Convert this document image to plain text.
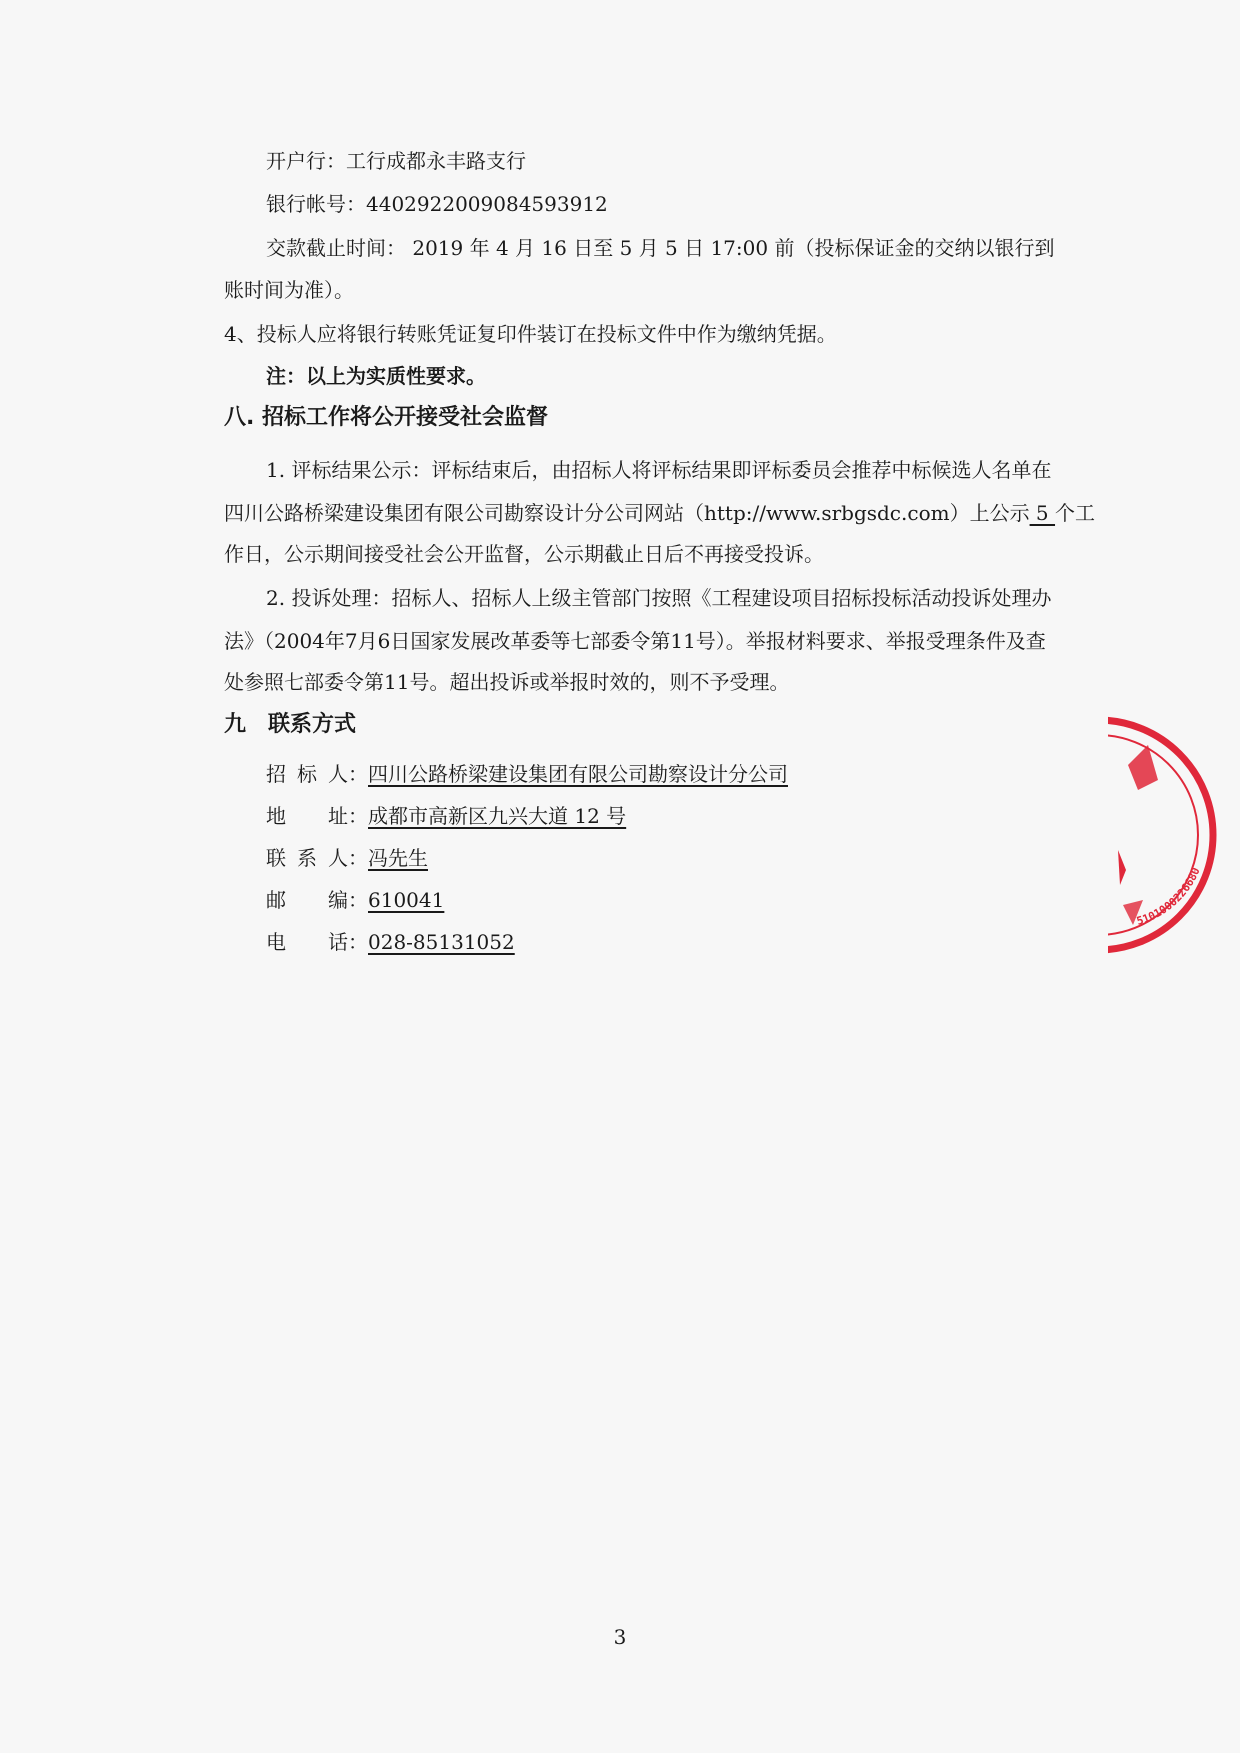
开户行：工行成都永丰路支行
银行帐号：4402922009084593912
交款截止时间： 2019 年 4 月 16 日至 5 月 5 日 17:00 前（投标保证金的交纳以银行到
账时间为准）。
4、投标人应将银行转账凭证复印件装订在投标文件中作为缴纳凭据。
注：以上为实质性要求。
八. 招标工作将公开接受社会监督
1. 评标结果公示：评标结束后，由招标人将评标结果即评标委员会推荐中标候选人名单在
四川公路桥梁建设集团有限公司勘察设计分公司网站（http://www.srbgsdc.com）上公示 5 个工
作日，公示期间接受社会公开监督，公示期截止日后不再接受投诉。
2. 投诉处理：招标人、招标人上级主管部门按照《工程建设项目招标投标活动投诉处理办
法》（2004年7月6日国家发展改革委等七部委令第11号）。举报材料要求、举报受理条件及查
处参照七部委令第11号。超出投诉或举报时效的，则不予受理。
九　联系方式
招 标 人 ：四川公路桥梁建设集团有限公司勘察设计分公司
地 址 ：成都市高新区九兴大道 12 号
联 系 人 ：冯先生
邮 编 ：610041
电 话 ：028-85131052
5101000226680
3
